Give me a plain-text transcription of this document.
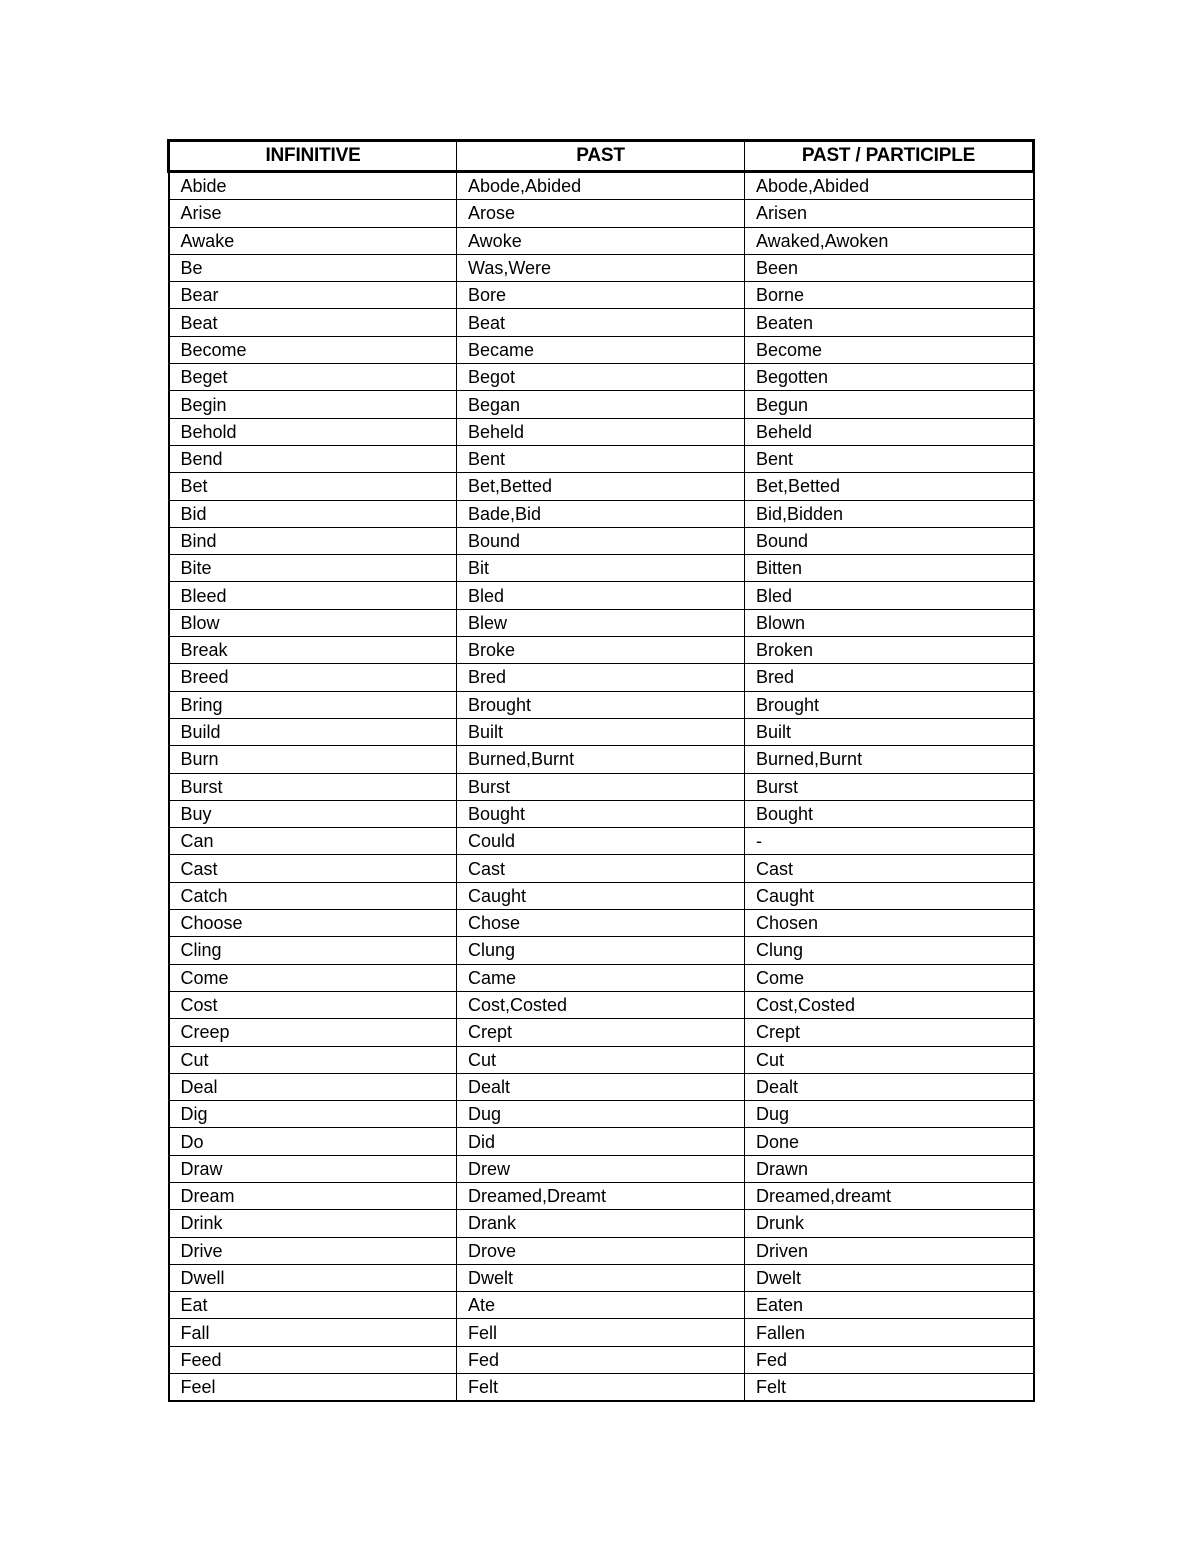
INFINITIVE	PAST	PAST / PARTICIPLE
Abide	Abode,Abided	Abode,Abided
Arise	Arose	Arisen
Awake	Awoke	Awaked,Awoken
Be	Was,Were	Been
Bear	Bore	Borne
Beat	Beat	Beaten
Become	Became	Become
Beget	Begot	Begotten
Begin	Began	Begun
Behold	Beheld	Beheld
Bend	Bent	Bent
Bet	Bet,Betted	Bet,Betted
Bid	Bade,Bid	Bid,Bidden
Bind	Bound	Bound
Bite	Bit	Bitten
Bleed	Bled	Bled
Blow	Blew	Blown
Break	Broke	Broken
Breed	Bred	Bred
Bring	Brought	Brought
Build	Built	Built
Burn	Burned,Burnt	Burned,Burnt
Burst	Burst	Burst
Buy	Bought	Bought
Can	Could	-
Cast	Cast	Cast
Catch	Caught	Caught
Choose	Chose	Chosen
Cling	Clung	Clung
Come	Came	Come
Cost	Cost,Costed	Cost,Costed
Creep	Crept	Crept
Cut	Cut	Cut
Deal	Dealt	Dealt
Dig	Dug	Dug
Do	Did	Done
Draw	Drew	Drawn
Dream	Dreamed,Dreamt	Dreamed,dreamt
Drink	Drank	Drunk
Drive	Drove	Driven
Dwell	Dwelt	Dwelt
Eat	Ate	Eaten
Fall	Fell	Fallen
Feed	Fed	Fed
Feel	Felt	Felt
